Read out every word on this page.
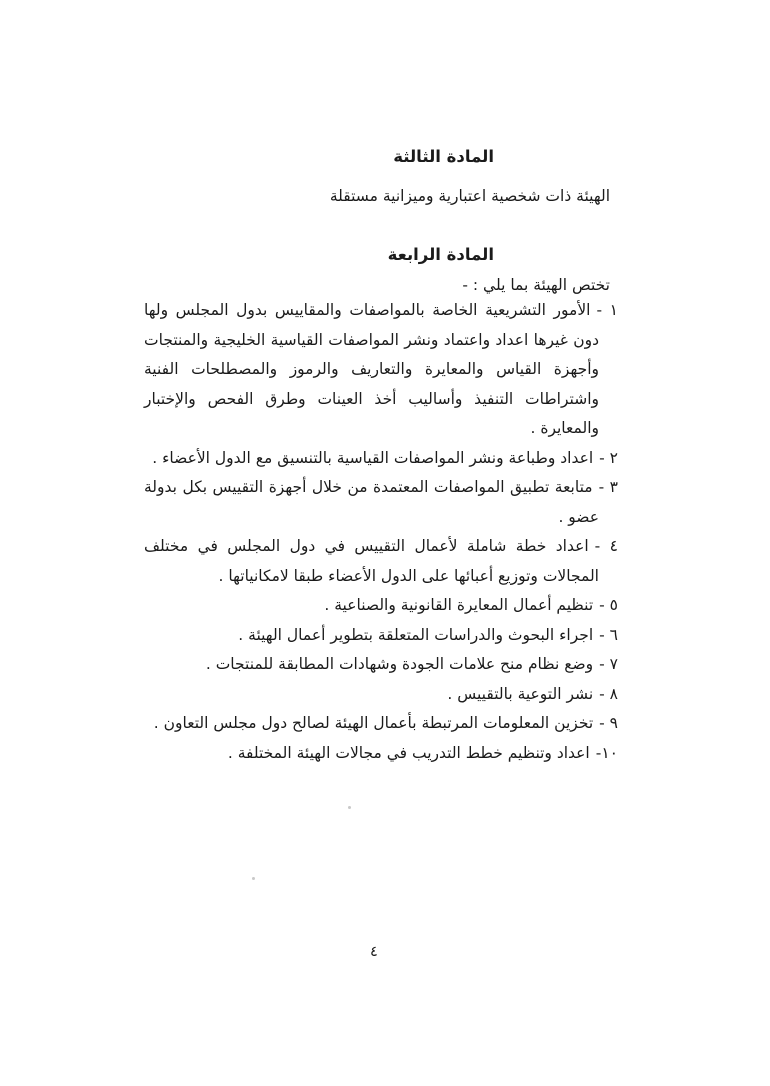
المادة الثالثة
الهيئة ذات شخصية اعتبارية وميزانية مستقلة
المادة الرابعة
تختص الهيئة بما يلي : -
١ -الأمور التشريعية الخاصة بالمواصفات والمقاييس بدول المجلس ولها دون غيرها اعداد واعتماد ونشر المواصفات القياسية الخليجية والمنتجات وأجهزة القياس والمعايرة والتعاريف والرموز والمصطلحات الفنية واشتراطات التنفيذ وأساليب أخذ العينات وطرق الفحص والإختبار والمعايرة .
٢ -اعداد وطباعة ونشر المواصفات القياسية بالتنسيق مع الدول الأعضاء .
٣ -متابعة تطبيق المواصفات المعتمدة من خلال أجهزة التقييس بكل بدولة عضو .
٤ -اعداد خطة شاملة لأعمال التقييس في دول المجلس في مختلف المجالات وتوزيع أعبائها على الدول الأعضاء طبقا لامكانياتها .
٥ -تنظيم أعمال المعايرة القانونية والصناعية .
٦ -اجراء البحوث والدراسات المتعلقة بتطوير أعمال الهيئة .
٧ -وضع نظام منح علامات الجودة وشهادات المطابقة للمنتجات .
٨ -نشر التوعية بالتقييس .
٩ -تخزين المعلومات المرتبطة بأعمال الهيئة لصالح دول مجلس التعاون .
١٠-اعداد وتنظيم خطط التدريب في مجالات الهيئة المختلفة .
٤
